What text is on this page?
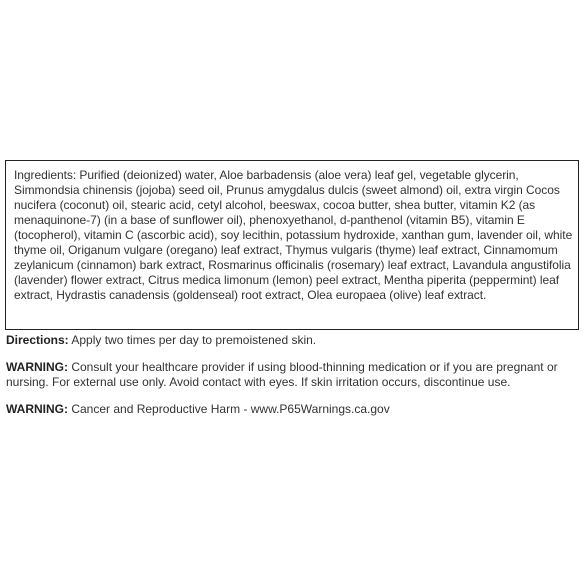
Ingredients: Purified (deionized) water, Aloe barbadensis (aloe vera) leaf gel, vegetable glycerin, Simmondsia chinensis (jojoba) seed oil, Prunus amygdalus dulcis (sweet almond) oil, extra virgin Cocos nucifera (coconut) oil, stearic acid, cetyl alcohol, beeswax, cocoa butter, shea butter, vitamin K2 (as menaquinone-7) (in a base of sunflower oil), phenoxyethanol, d-panthenol (vitamin B5), vitamin E (tocopherol), vitamin C (ascorbic acid), soy lecithin, potassium hydroxide, xanthan gum, lavender oil, white thyme oil, Origanum vulgare (oregano) leaf extract, Thymus vulgaris (thyme) leaf extract, Cinnamomum zeylanicum (cinnamon) bark extract, Rosmarinus officinalis (rosemary) leaf extract, Lavandula angustifolia (lavender) flower extract, Citrus medica limonum (lemon) peel extract, Mentha piperita (peppermint) leaf extract, Hydrastis canadensis (goldenseal) root extract, Olea europaea (olive) leaf extract.

Directions: Apply two times per day to premoistened skin.

WARNING: Consult your healthcare provider if using blood-thinning medication or if you are pregnant or nursing. For external use only. Avoid contact with eyes. If skin irritation occurs, discontinue use.

WARNING: Cancer and Reproductive Harm - www.P65Warnings.ca.gov
